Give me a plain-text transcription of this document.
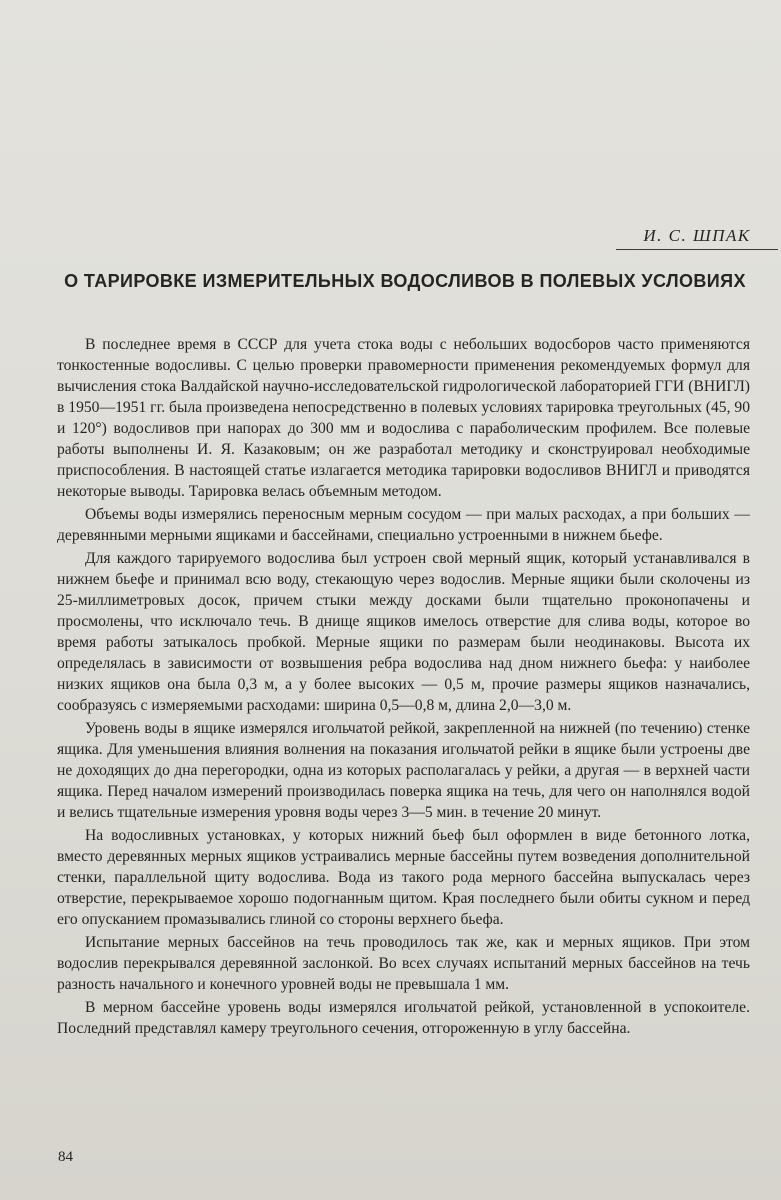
И. С. ШПАК
О ТАРИРОВКЕ ИЗМЕРИТЕЛЬНЫХ ВОДОСЛИВОВ В ПОЛЕВЫХ УСЛОВИЯХ

В последнее время в СССР для учета стока воды с небольших водосборов часто применяются тонкостенные водосливы. С целью проверки правомерности применения рекомендуемых формул для вычисления стока Валдайской научно-исследовательской гидрологической лабораторией ГГИ (ВНИГЛ) в 1950—1951 гг. была произведена непосредственно в полевых условиях тарировка треугольных (45, 90 и 120°) водосливов при напорах до 300 мм и водослива с параболическим профилем. Все полевые работы выполнены И. Я. Казаковым; он же разработал методику и сконструировал необходимые приспособления. В настоящей статье излагается методика тарировки водосливов ВНИГЛ и приводятся некоторые выводы. Тарировка велась объемным методом.

Объемы воды измерялись переносным мерным сосудом — при малых расходах, а при больших — деревянными мерными ящиками и бассейнами, специально устроенными в нижнем бьефе.

Для каждого тарируемого водослива был устроен свой мерный ящик, который устанавливался в нижнем бьефе и принимал всю воду, стекающую через водослив. Мерные ящики были сколочены из 25-миллиметровых досок, причем стыки между досками были тщательно проконопачены и просмолены, что исключало течь. В днище ящиков имелось отверстие для слива воды, которое во время работы затыкалось пробкой. Мерные ящики по размерам были неодинаковы. Высота их определялась в зависимости от возвышения ребра водослива над дном нижнего бьефа: у наиболее низких ящиков она была 0,3 м, а у более высоких — 0,5 м, прочие размеры ящиков назначались, сообразуясь с измеряемыми расходами: ширина 0,5—0,8 м, длина 2,0—3,0 м.

Уровень воды в ящике измерялся игольчатой рейкой, закрепленной на нижней (по течению) стенке ящика. Для уменьшения влияния волнения на показания игольчатой рейки в ящике были устроены две не доходящих до дна перегородки, одна из которых располагалась у рейки, а другая — в верхней части ящика. Перед началом измерений производилась поверка ящика на течь, для чего он наполнялся водой и велись тщательные измерения уровня воды через 3—5 мин. в течение 20 минут.

На водосливных установках, у которых нижний бьеф был оформлен в виде бетонного лотка, вместо деревянных мерных ящиков устраивались мерные бассейны путем возведения дополнительной стенки, параллельной щиту водослива. Вода из такого рода мерного бассейна выпускалась через отверстие, перекрываемое хорошо подогнанным щитом. Края последнего были обиты сукном и перед его опусканием промазывались глиной со стороны верхнего бьефа.

Испытание мерных бассейнов на течь проводилось так же, как и мерных ящиков. При этом водослив перекрывался деревянной заслонкой. Во всех случаях испытаний мерных бассейнов на течь разность начального и конечного уровней воды не превышала 1 мм.

В мерном бассейне уровень воды измерялся игольчатой рейкой, установленной в успокоителе. Последний представлял камеру треугольного сечения, отгороженную в углу бассейна.

84
